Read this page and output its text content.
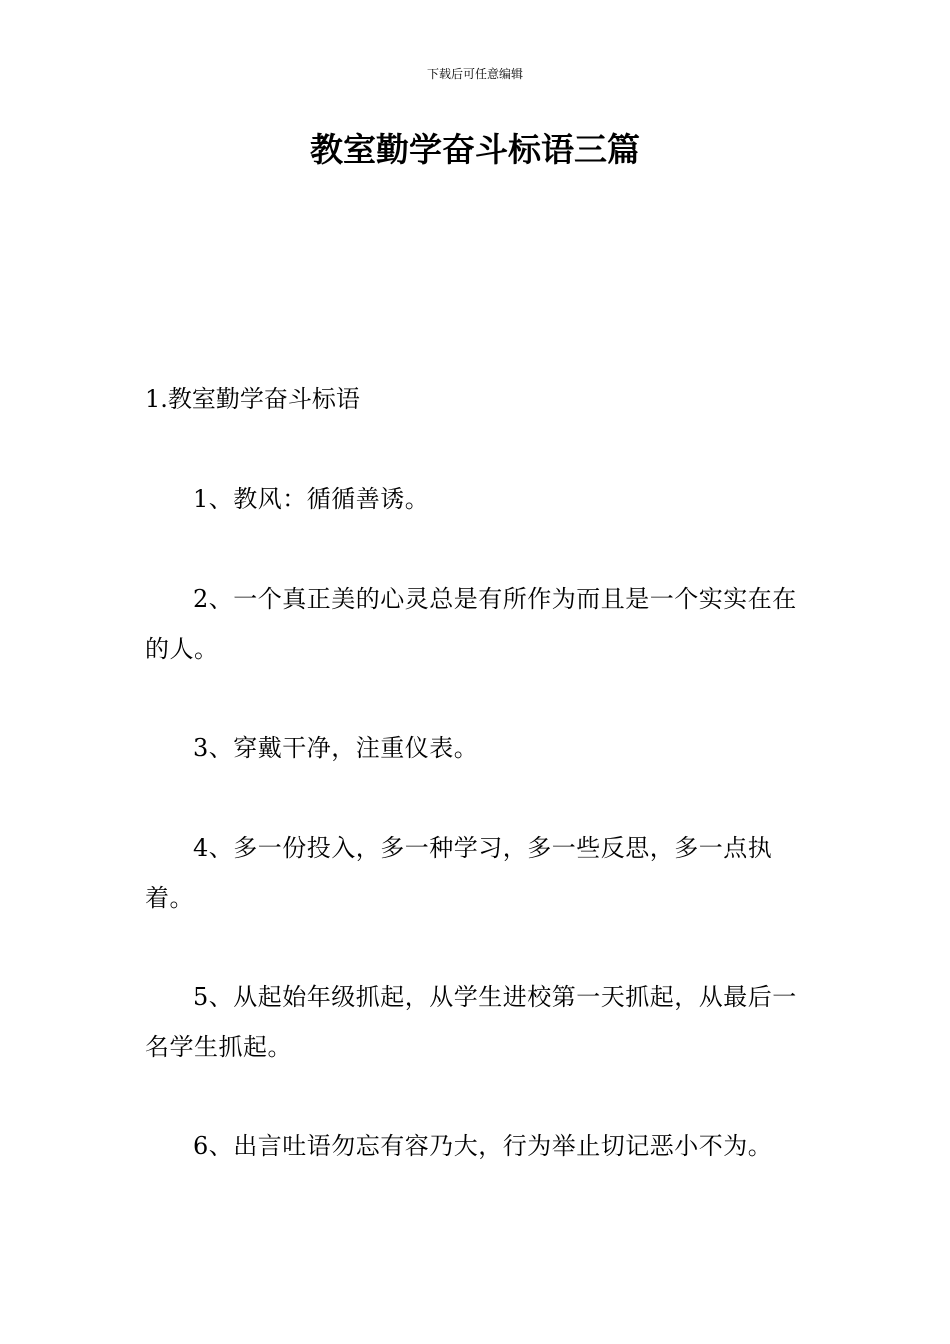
下载后可任意编辑
教室勤学奋斗标语三篇
1.教室勤学奋斗标语

1、教风：循循善诱。

2、一个真正美的心灵总是有所作为而且是一个实实在在的人。

3、穿戴干净，注重仪表。

4、多一份投入，多一种学习，多一些反思，多一点执着。

5、从起始年级抓起，从学生进校第一天抓起，从最后一名学生抓起。

6、出言吐语勿忘有容乃大，行为举止切记恶小不为。
